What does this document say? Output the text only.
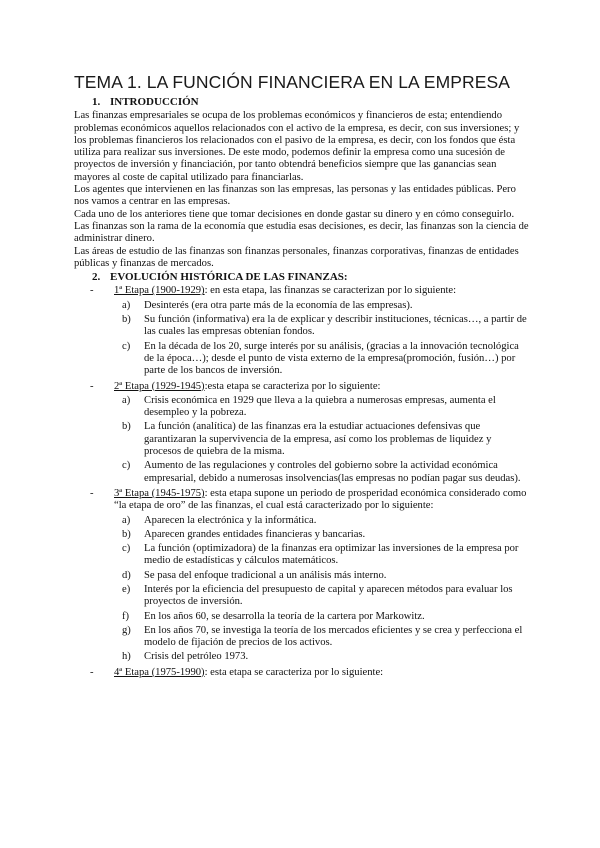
TEMA 1. LA FUNCIÓN FINANCIERA EN LA EMPRESA
1. INTRODUCCIÓN

Las finanzas empresariales se ocupa de los problemas económicos y financieros de esta; entendiendo problemas económicos aquellos relacionados con el activo de la empresa, es decir, con sus inversiones; y los problemas financieros los relacionados con el pasivo de la empresa, es decir, con los fondos que ésta utiliza para realizar sus inversiones. De este modo, podemos definir la empresa como una sucesión de proyectos de inversión y financiación, por tanto obtendrá beneficios siempre que las ganancias sean mayores al coste de capital utilizado para financiarlas.

Los agentes que intervienen en las finanzas son las empresas, las personas y las entidades públicas. Pero nos vamos a centrar en las empresas.

Cada uno de los anteriores tiene que tomar decisiones en donde gastar su dinero y en cómo conseguirlo. Las finanzas son la rama de la economía que estudia esas decisiones, es decir, las finanzas son la ciencia de administrar dinero.

Las áreas de estudio de las finanzas son finanzas personales, finanzas corporativas, finanzas de entidades públicas y finanzas de mercados.

2. EVOLUCIÓN HISTÓRICA DE LAS FINANZAS:
- 1ª Etapa (1900-1929): en esta etapa, las finanzas se caracterizan por lo siguiente:
a) Desinterés (era otra parte más de la economía de las empresas).
b) Su función (informativa) era la de explicar y describir instituciones, técnicas…, a partir de las cuales las empresas obtenían fondos.
c) En la década de los 20, surge interés por su análisis, (gracias a la innovación tecnológica de la época…); desde el punto de vista externo de la empresa(promoción, fusión…) por parte de los bancos de inversión.
- 2ª Etapa (1929-1945):esta etapa se caracteriza por lo siguiente:
a) Crisis económica en 1929 que lleva a la quiebra a numerosas empresas, aumenta el desempleo y la pobreza.
b) La función (analítica) de las finanzas era la estudiar actuaciones defensivas que garantizaran la supervivencia de la empresa, así como los problemas de liquidez y procesos de quiebra de la misma.
c) Aumento de las regulaciones y controles del gobierno sobre la actividad económica empresarial, debido a numerosas insolvencias(las empresas no podían pagar sus deudas).
- 3ª Etapa (1945-1975): esta etapa supone un periodo de prosperidad económica considerado como “la etapa de oro” de las finanzas, el cual está caracterizado por lo siguiente:
a) Aparecen la electrónica y la informática.
b) Aparecen grandes entidades financieras y bancarias.
c) La función (optimizadora) de la finanzas era optimizar las inversiones de la empresa por medio de estadísticas y cálculos matemáticos.
d) Se pasa del enfoque tradicional a un análisis más interno.
e) Interés por la eficiencia del presupuesto de capital y aparecen métodos para evaluar los proyectos de inversión.
f) En los años 60, se desarrolla la teoría de la cartera por Markowitz.
g) En los años 70, se investiga la teoría de los mercados eficientes y se crea y perfecciona el modelo de fijación de precios de los activos.
h) Crisis del petróleo 1973.
- 4ª Etapa (1975-1990): esta etapa se caracteriza por lo siguiente:
